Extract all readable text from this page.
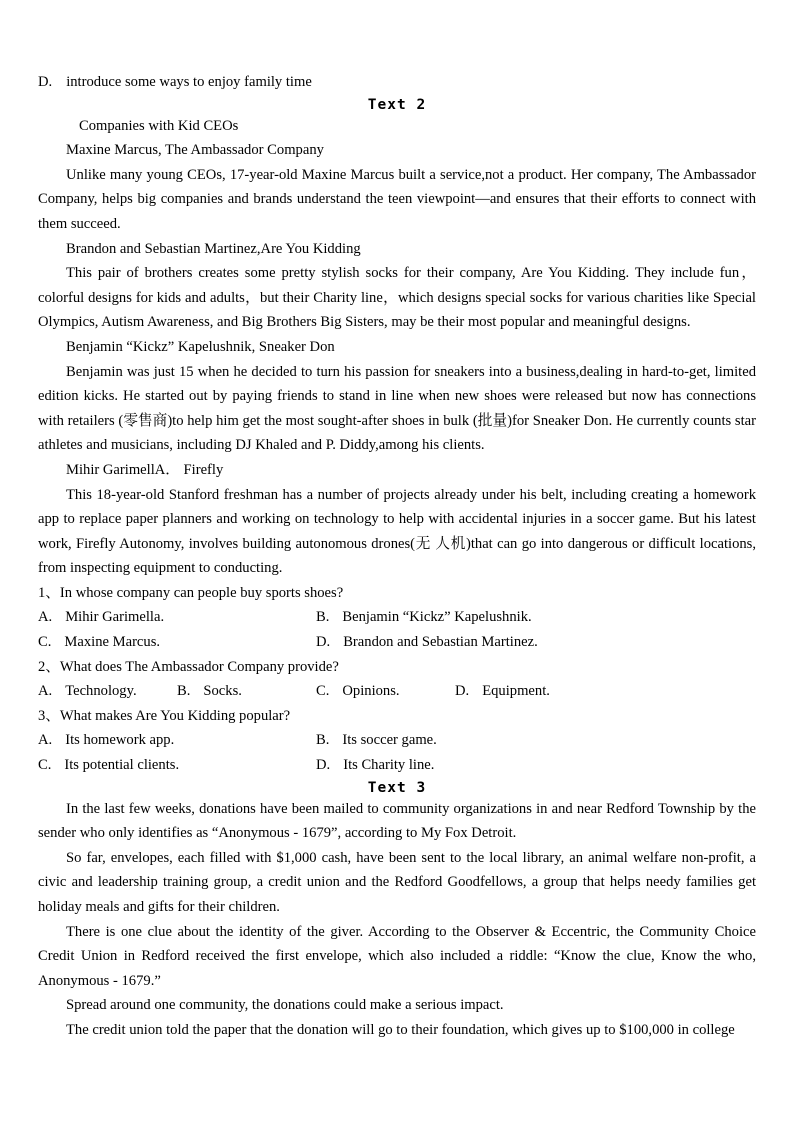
D. introduce some ways to enjoy family time

Text 2

Companies with Kid CEOs

Maxine Marcus, The Ambassador Company

Unlike many young CEOs, 17-year-old Maxine Marcus built a service,not a product. Her company, The Ambassador Company, helps big companies and brands understand the teen viewpoint—and ensures that their efforts to connect with them succeed.

Brandon and Sebastian Martinez,Are You Kidding

This pair of brothers creates some pretty stylish socks for their company, Are You Kidding. They include fun，colorful designs for kids and adults，but their Charity line，which designs special socks for various charities like Special Olympics, Autism Awareness, and Big Brothers Big Sisters, may be their most popular and meaningful designs.

Benjamin “Kickz” Kapelushnik, Sneaker Don

Benjamin was just 15 when he decided to turn his passion for sneakers into a business,dealing in hard-to-get, limited edition kicks. He started out by paying friends to stand in line when new shoes were released but now has connections with retailers (零售商)to help him get the most sought-after shoes in bulk (批量)for Sneaker Don. He currently counts star athletes and musicians, including DJ Khaled and P. Diddy,among his clients.

Mihir GarimellA． Firefly

This 18-year-old Stanford freshman has a number of projects already under his belt, including creating a homework app to replace paper planners and working on technology to help with accidental injuries in a soccer game. But his latest work, Firefly Autonomy, involves building autonomous drones(无 人机)that can go into dangerous or difficult locations, from inspecting equipment to conducting.

1、In whose company can people buy sports shoes?

A. Mihir Garimella.	B. Benjamin “Kickz” Kapelushnik.
C. Maxine Marcus.	D. Brandon and Sebastian Martinez.

2、What does The Ambassador Company provide?

A. Technology.	B. Socks.	C. Opinions.	D. Equipment.

3、What makes Are You Kidding popular?

A. Its homework app.	B. Its soccer game.
C. Its potential clients.	D. Its Charity line.
Text 3

In the last few weeks, donations have been mailed to community organizations in and near Redford Township by the sender who only identifies as “Anonymous - 1679”, according to My Fox Detroit.

So far, envelopes, each filled with $1,000 cash, have been sent to the local library, an animal welfare non-profit, a civic and leadership training group, a credit union and the Redford Goodfellows, a group that helps needy families get holiday meals and gifts for their children.

There is one clue about the identity of the giver. According to the Observer & Eccentric, the Community Choice Credit Union in Redford received the first envelope, which also included a riddle: “Know the clue, Know the who, Anonymous - 1679.”

Spread around one community, the donations could make a serious impact.

The credit union told the paper that the donation will go to their foundation, which gives up to $100,000 in college
